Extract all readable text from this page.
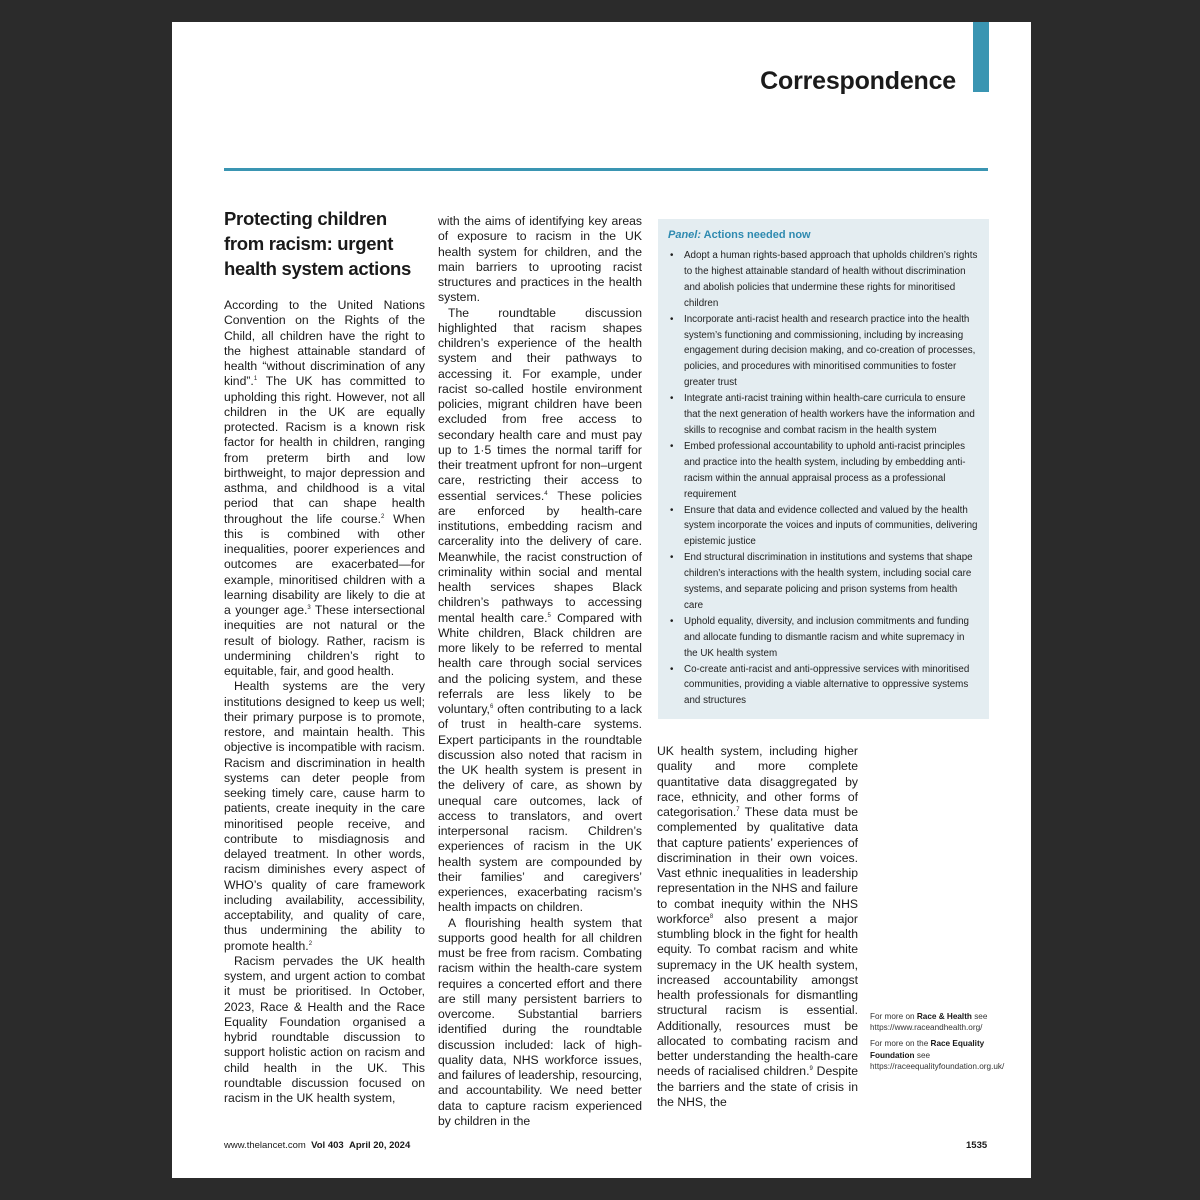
Correspondence
Protecting children from racism: urgent health system actions

According to the United Nations Convention on the Rights of the Child, all children have the right to the highest attainable standard of health “without discrimination of any kind”.$^1$ The UK has committed to upholding this right. However, not all children in the UK are equally protected. Racism is a known risk factor for health in children, ranging from preterm birth and low birthweight, to major depression and asthma, and childhood is a vital period that can shape health throughout the life course.$^2$ When this is combined with other inequalities, poorer experiences and outcomes are exacerbated—for example, minoritised children with a learning disability are likely to die at a younger age.$^3$ These intersectional inequities are not natural or the result of biology. Rather, racism is undermining children’s right to equitable, fair, and good health.

Health systems are the very institutions designed to keep us well; their primary purpose is to promote, restore, and maintain health. This objective is incompatible with racism. Racism and discrimination in health systems can deter people from seeking timely care, cause harm to patients, create inequity in the care minoritised people receive, and contribute to misdiagnosis and delayed treatment. In other words, racism diminishes every aspect of WHO’s quality of care framework including availability, accessibility, acceptability, and quality of care, thus undermining the ability to promote health.$^2$

Racism pervades the UK health system, and urgent action to combat it must be prioritised. In October, 2023, Race & Health and the Race Equality Foundation organised a hybrid roundtable discussion to support holistic action on racism and child health in the UK. This roundtable discussion focused on racism in the UK health system,

with the aims of identifying key areas of exposure to racism in the UK health system for children, and the main barriers to uprooting racist structures and practices in the health system.

The roundtable discussion highlighted that racism shapes children’s experience of the health system and their pathways to accessing it. For example, under racist so-called hostile environment policies, migrant children have been excluded from free access to secondary health care and must pay up to 1·5 times the normal tariff for their treatment upfront for non–urgent care, restricting their access to essential services.$^4$ These policies are enforced by health-care institutions, embedding racism and carcerality into the delivery of care. Meanwhile, the racist construction of criminality within social and mental health services shapes Black children’s pathways to accessing mental health care.$^5$ Compared with White children, Black children are more likely to be referred to mental health care through social services and the policing system, and these referrals are less likely to be voluntary,$^6$ often contributing to a lack of trust in health-care systems. Expert participants in the roundtable discussion also noted that racism in the UK health system is present in the delivery of care, as shown by unequal care outcomes, lack of access to translators, and overt interpersonal racism. Children’s experiences of racism in the UK health system are compounded by their families’ and caregivers’ experiences, exacerbating racism’s health impacts on children.

A flourishing health system that supports good health for all children must be free from racism. Combating racism within the health-care system requires a concerted effort and there are still many persistent barriers to overcome. Substantial barriers identified during the roundtable discussion included: lack of high-quality data, NHS workforce issues, and failures of leadership, resourcing, and accountability. We need better data to capture racism experienced by children in the

Panel: Actions needed now
• Adopt a human rights-based approach that upholds children’s rights to the highest attainable standard of health without discrimination and abolish policies that undermine these rights for minoritised children
• Incorporate anti-racist health and research practice into the health system’s functioning and commissioning, including by increasing engagement during decision making, and co-creation of processes, policies, and procedures with minoritised communities to foster greater trust
• Integrate anti-racist training within health-care curricula to ensure that the next generation of health workers have the information and skills to recognise and combat racism in the health system
• Embed professional accountability to uphold anti-racist principles and practice into the health system, including by embedding anti-racism within the annual appraisal process as a professional requirement
• Ensure that data and evidence collected and valued by the health system incorporate the voices and inputs of communities, delivering epistemic justice
• End structural discrimination in institutions and systems that shape children’s interactions with the health system, including social care systems, and separate policing and prison systems from health care
• Uphold equality, diversity, and inclusion commitments and funding and allocate funding to dismantle racism and white supremacy in the UK health system
• Co-create anti-racist and anti-oppressive services with minoritised communities, providing a viable alternative to oppressive systems and structures

UK health system, including higher quality and more complete quantitative data disaggregated by race, ethnicity, and other forms of categorisation.$^7$ These data must be complemented by qualitative data that capture patients’ experiences of discrimination in their own voices. Vast ethnic inequalities in leadership representation in the NHS and failure to combat inequity within the NHS workforce$^8$ also present a major stumbling block in the fight for health equity. To combat racism and white supremacy in the UK health system, increased accountability amongst health professionals for dismantling structural racism is essential. Additionally, resources must be allocated to combating racism and better understanding the health-care needs of racialised children.$^9$ Despite the barriers and the state of crisis in the NHS, the

For more on Race & Health see https://www.raceandhealth.org/

For more on the Race Equality Foundation see https://raceequalityfoundation.org.uk/

www.thelancet.com Vol 403 April 20, 2024	1535
